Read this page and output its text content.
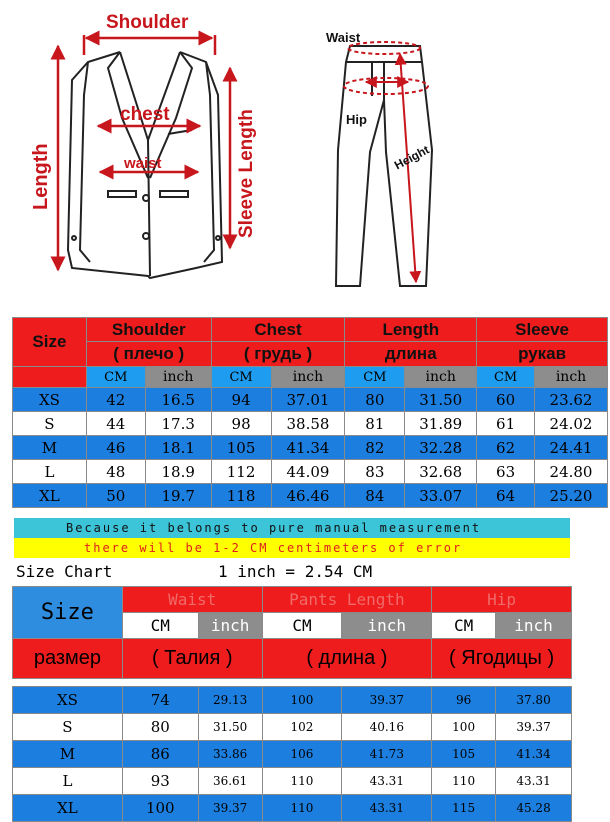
Shoulder
chest
waist
Length	Sleeve Length
Waist
Hip
Height
Size	Shoulder		Chest		Length		Sleeve	
	( плечо )		( грудь )		длина		рукав	
	CM	inch	CM	inch	CM	inch	CM	inch
XS	42	16.5	94	37.01	80	31.50	60	23.62
S	44	17.3	98	38.58	81	31.89	61	24.02
M	46	18.1	105	41.34	82	32.28	62	24.41
L	48	18.9	112	44.09	83	32.68	63	24.80
XL	50	19.7	118	46.46	84	33.07	64	25.20
Because it belongs to pure manual measurement
there will be 1-2 CM centimeters of error
Size Chart	1 inch = 2.54 CM
Size	Waist		Pants Length		Hip	
	CM	inch	CM	inch	CM	inch
размер	( Талия )		( длина )		( Ягодицы )	

XS	74	29.13	100	39.37	96	37.80
S	80	31.50	102	40.16	100	39.37
M	86	33.86	106	41.73	105	41.34
L	93	36.61	110	43.31	110	43.31
XL	100	39.37	110	43.31	115	45.28
